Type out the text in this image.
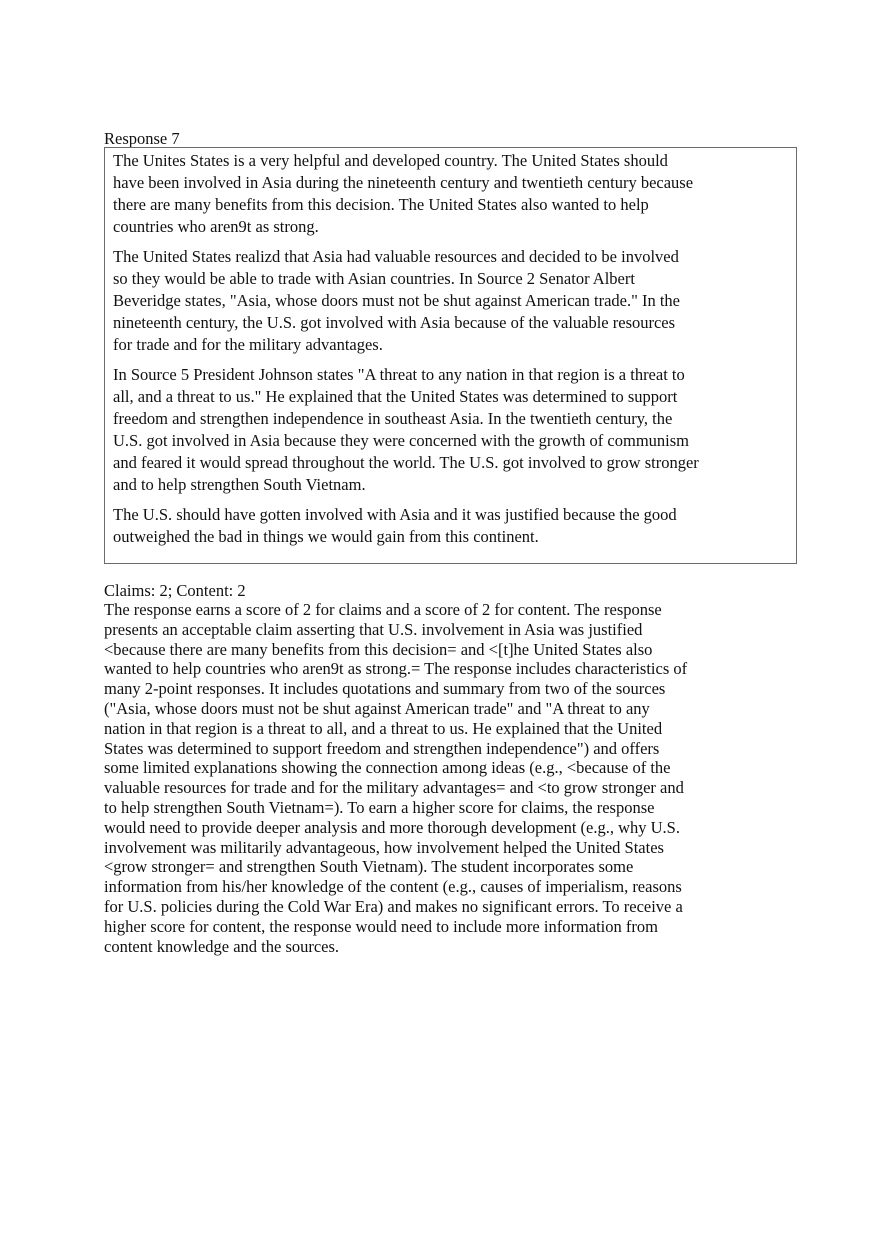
Response 7
The Unites States is a very helpful and developed country. The United States should
have been involved in Asia during the nineteenth century and twentieth century because
there are many benefits from this decision. The United States also wanted to help
countries who aren9t as strong.
The United States realizd that Asia had valuable resources and decided to be involved
so they would be able to trade with Asian countries. In Source 2 Senator Albert
Beveridge states, "Asia, whose doors must not be shut against American trade." In the
nineteenth century, the U.S. got involved with Asia because of the valuable resources
for trade and for the military advantages.
In Source 5 President Johnson states "A threat to any nation in that region is a threat to
all, and a threat to us." He explained that the United States was determined to support
freedom and strengthen independence in southeast Asia. In the twentieth century, the
U.S. got involved in Asia because they were concerned with the growth of communism
and feared it would spread throughout the world. The U.S. got involved to grow stronger
and to help strengthen South Vietnam.
The U.S. should have gotten involved with Asia and it was justified because the good
outweighed the bad in things we would gain from this continent.
Claims: 2; Content: 2
The response earns a score of 2 for claims and a score of 2 for content. The response
presents an acceptable claim asserting that U.S. involvement in Asia was justified
<because there are many benefits from this decision= and <[t]he United States also
wanted to help countries who aren9t as strong.= The response includes characteristics of
many 2-point responses. It includes quotations and summary from two of the sources
("Asia, whose doors must not be shut against American trade" and "A threat to any
nation in that region is a threat to all, and a threat to us. He explained that the United
States was determined to support freedom and strengthen independence") and offers
some limited explanations showing the connection among ideas (e.g., <because of the
valuable resources for trade and for the military advantages= and <to grow stronger and
to help strengthen South Vietnam=). To earn a higher score for claims, the response
would need to provide deeper analysis and more thorough development (e.g., why U.S.
involvement was militarily advantageous, how involvement helped the United States
<grow stronger= and strengthen South Vietnam). The student incorporates some
information from his/her knowledge of the content (e.g., causes of imperialism, reasons
for U.S. policies during the Cold War Era) and makes no significant errors. To receive a
higher score for content, the response would need to include more information from
content knowledge and the sources.
